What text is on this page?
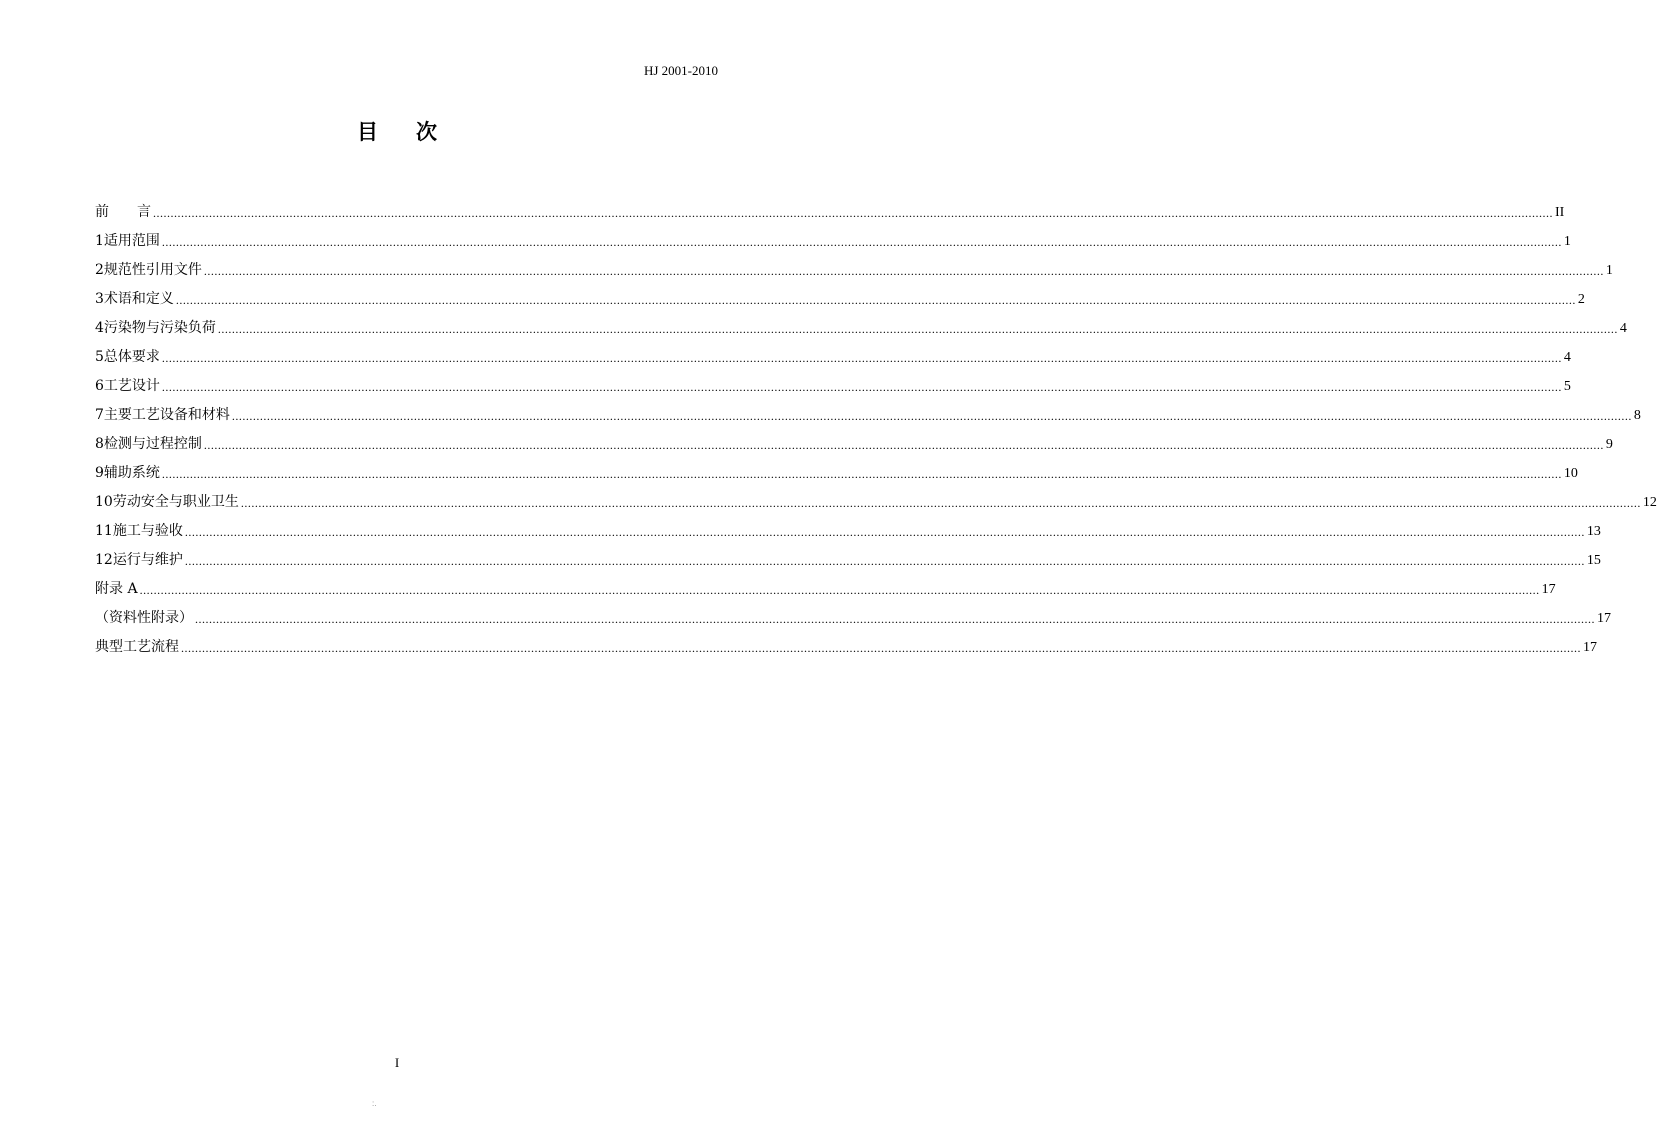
HJ 2001-2010
目 次
前　　言 ................................................................................................................................................................................................................................................................................................................................................................................................................ II
1 适用范围 ................................................................................................................................................................................................................................................................................................................................................................................................................ 1
2 规范性引用文件 ................................................................................................................................................................................................................................................................................................................................................................................................................ 1
3 术语和定义 ................................................................................................................................................................................................................................................................................................................................................................................................................ 2
4 污染物与污染负荷 ................................................................................................................................................................................................................................................................................................................................................................................................................ 4
5 总体要求 ................................................................................................................................................................................................................................................................................................................................................................................................................ 4
6 工艺设计 ................................................................................................................................................................................................................................................................................................................................................................................................................ 5
7 主要工艺设备和材料 ................................................................................................................................................................................................................................................................................................................................................................................................................ 8
8 检测与过程控制 ................................................................................................................................................................................................................................................................................................................................................................................................................ 9
9 辅助系统 ................................................................................................................................................................................................................................................................................................................................................................................................................ 10
10 劳动安全与职业卫生 ................................................................................................................................................................................................................................................................................................................................................................................................................ 12
11 施工与验收 ................................................................................................................................................................................................................................................................................................................................................................................................................ 13
12 运行与维护 ................................................................................................................................................................................................................................................................................................................................................................................................................ 15
附录 A ................................................................................................................................................................................................................................................................................................................................................................................................................ 17
（资料性附录） ................................................................................................................................................................................................................................................................................................................................................................................................................ 17
典型工艺流程 ................................................................................................................................................................................................................................................................................................................................................................................................................ 17
I
:.
